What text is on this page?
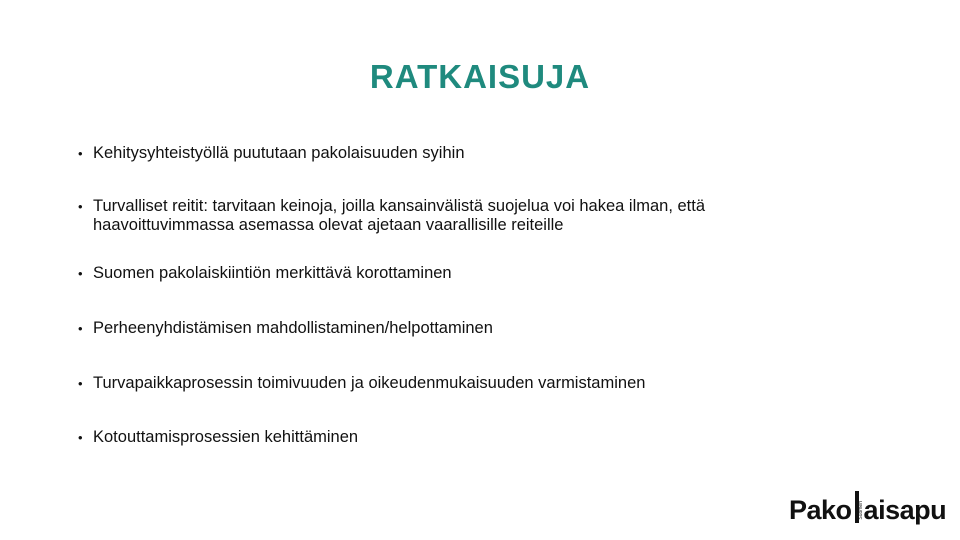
RATKAISUJA
• Kehitysyhteistyöllä puututaan pakolaisuuden syihin
• Turvalliset reitit: tarvitaan keinoja, joilla kansainvälistä suojelua voi hakea ilman, että
haavoittuvimmassa asemassa olevat ajetaan vaarallisille reiteille
• Suomen pakolaiskiintiön merkittävä korottaminen
• Perheenyhdistämisen mahdollistaminen/helpottaminen
• Turvapaikkaprosessin toimivuuden ja oikeudenmukaisuuden varmistaminen
• Kotouttamisprosessien kehittäminen
Pako Suomen aisapu
